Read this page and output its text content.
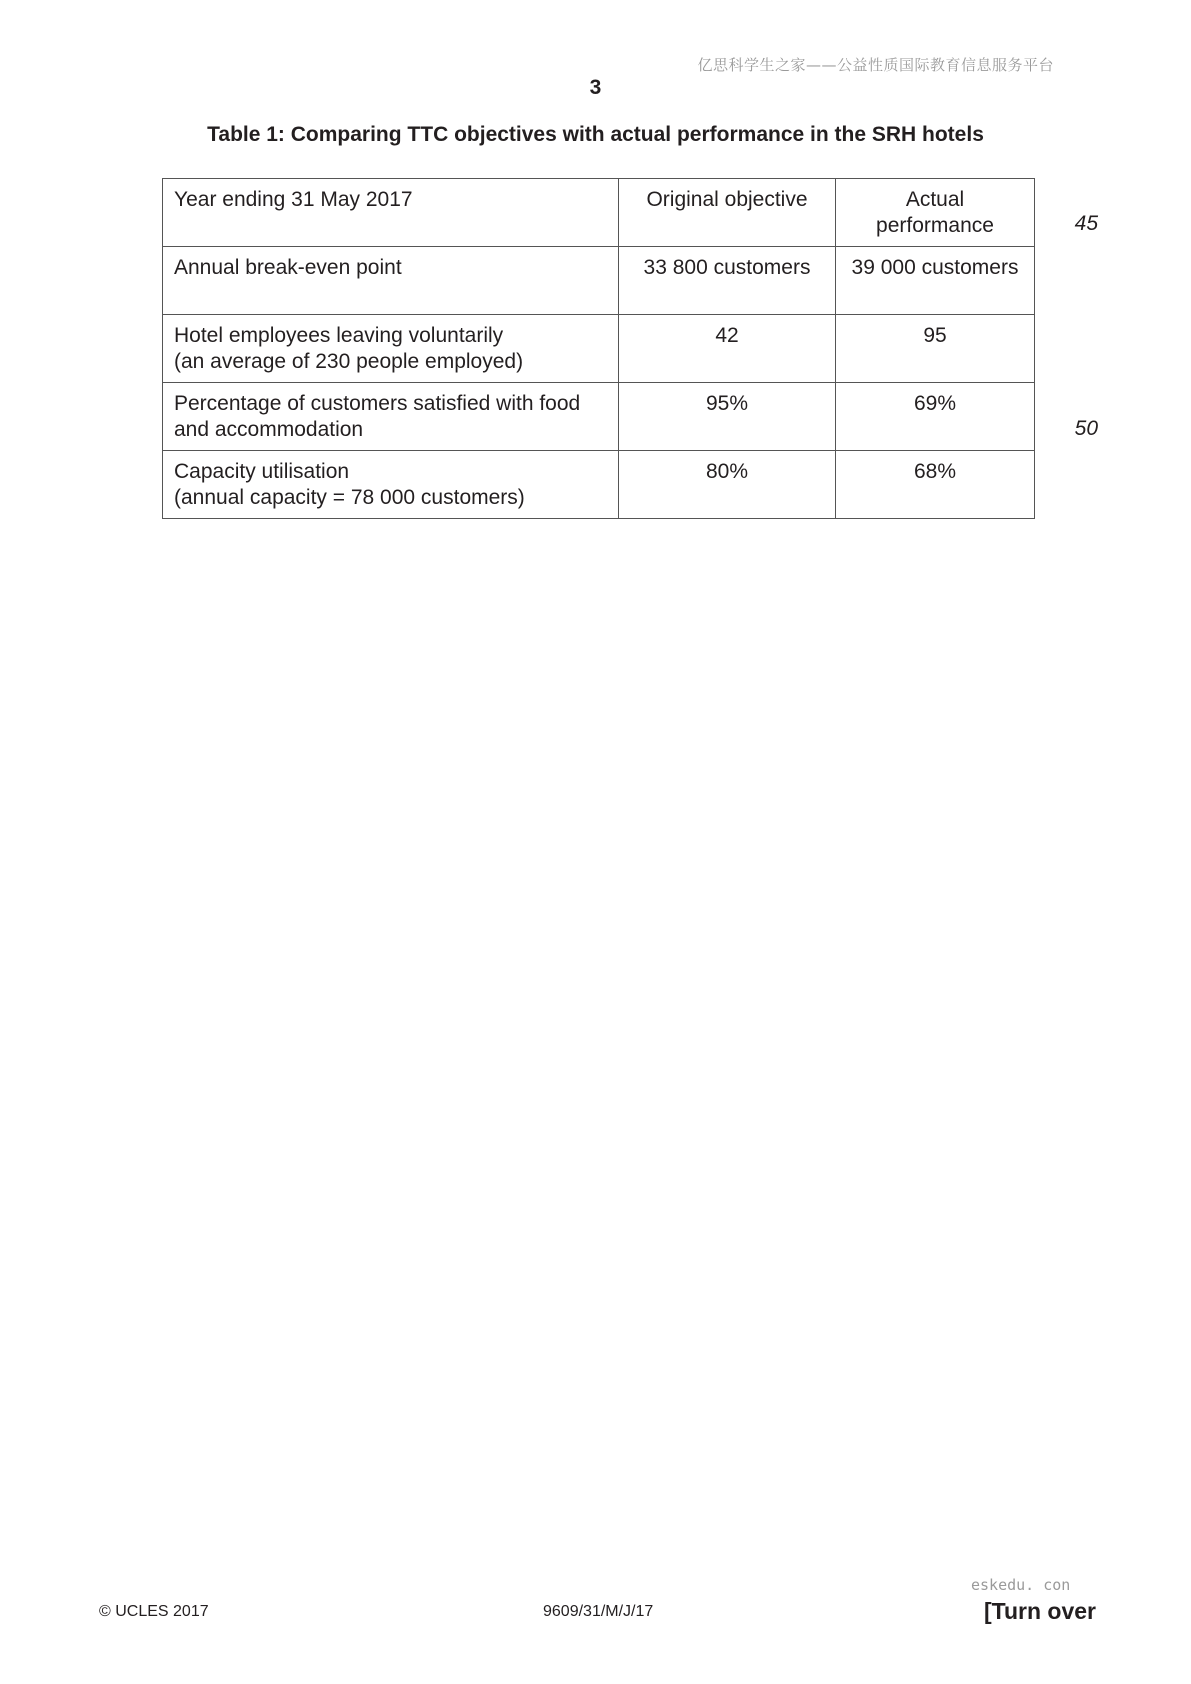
亿思科学生之家——公益性质国际教育信息服务平台
3
Table 1: Comparing TTC objectives with actual performance in the SRH hotels
Year ending 31 May 2017	Original objective	Actual
performance

Annual break-even point	33 800 customers	39 000 customers

Hotel employees leaving voluntarily
(an average of 230 people employed)	42	95

Percentage of customers satisfied with food
and accommodation	95%	69%

Capacity utilisation
(annual capacity = 78 000 customers)	80%	68%
45
50
© UCLES 2017	9609/31/M/J/17
eskedu. con
[Turn over
